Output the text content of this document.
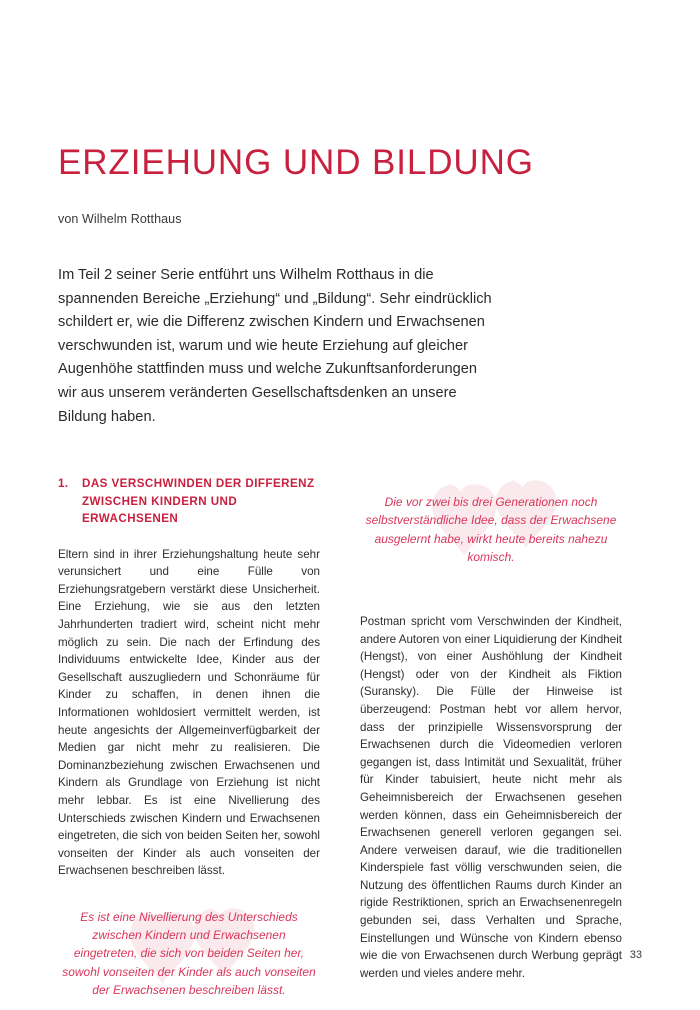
ERZIEHUNG UND BILDUNG

von Wilhelm Rotthaus

Im Teil 2 seiner Serie entführt uns Wilhelm Rotthaus in die spannenden Bereiche „Erziehung“ und „Bildung“. Sehr eindrücklich schildert er, wie die Differenz zwischen Kindern und Erwachsenen verschwunden ist, warum und wie heute Erziehung auf gleicher Augenhöhe stattfinden muss und welche Zukunftsanforderungen wir aus unserem veränderten Gesellschaftsdenken an unsere Bildung haben.

1.	DAS VERSCHWINDEN DER DIFFERENZ ZWISCHEN KINDERN UND ERWACHSENEN

Eltern sind in ihrer Erziehungshaltung heute sehr verunsichert und eine Fülle von Erziehungsratgebern verstärkt diese Unsicherheit. Eine Erziehung, wie sie aus den letzten Jahrhunderten tradiert wird, scheint nicht mehr möglich zu sein. Die nach der Erfindung des Individuums entwickelte Idee, Kinder aus der Gesellschaft auszugliedern und Schonräume für Kinder zu schaffen, in denen ihnen die Informationen wohldosiert vermittelt werden, ist heute angesichts der Allgemeinverfügbarkeit der Medien gar nicht mehr zu realisieren. Die Dominanzbeziehung zwischen Erwachsenen und Kindern als Grundlage von Erziehung ist nicht mehr lebbar. Es ist eine Nivellierung des Unterschieds zwischen Kindern und Erwachsenen eingetreten, die sich von beiden Seiten her, sowohl vonseiten der Kinder als auch vonseiten der Erwachsenen beschreiben lässt.

Es ist eine Nivellierung des Unterschieds zwischen Kindern und Erwachsenen eingetreten, die sich von beiden Seiten her, sowohl vonseiten der Kinder als auch vonseiten der Erwachsenen beschreiben lässt.

Die vor zwei bis drei Generationen noch selbstverständliche Idee, dass der Erwachsene ausgelernt habe, wirkt heute bereits nahezu komisch.

Postman spricht vom Verschwinden der Kindheit, andere Autoren von einer Liquidierung der Kindheit (Hengst), von einer Aushöhlung der Kindheit (Hengst) oder von der Kindheit als Fiktion (Suransky). Die Fülle der Hinweise ist überzeugend: Postman hebt vor allem hervor, dass der prinzipielle Wissensvorsprung der Erwachsenen durch die Videomedien verloren gegangen ist, dass Intimität und Sexualität, früher für Kinder tabuisiert, heute nicht mehr als Geheimnisbereich der Erwachsenen gesehen werden können, dass ein Geheimnisbereich der Erwachsenen generell verloren gegangen sei. Andere verweisen darauf, wie die traditionellen Kinderspiele fast völlig verschwunden seien, die Nutzung des öffentlichen Raums durch Kinder an rigide Restriktionen, sprich an Erwachsenenregeln gebunden sei, dass Verhalten und Sprache, Einstellungen und Wünsche von Kindern ebenso wie die von Erwachsenen durch Werbung geprägt werden und vieles andere mehr.

33
